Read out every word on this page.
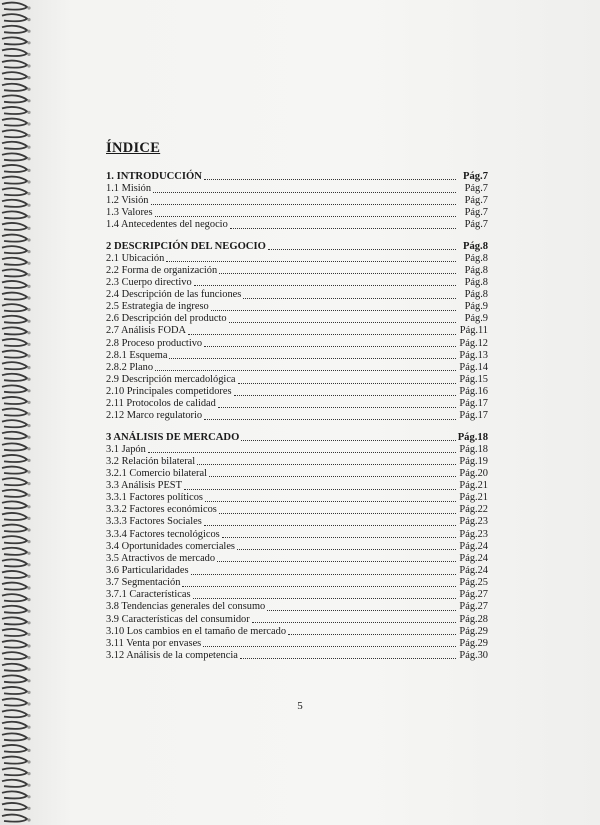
ÍNDICE
1. INTRODUCCIÓN	Pág.7
1.1 Misión	Pág.7
1.2 Visión	Pág.7
1.3 Valores	Pág.7
1.4 Antecedentes del negocio	Pág.7
2 DESCRIPCIÓN DEL NEGOCIO	Pág.8
2.1 Ubicación	Pág.8
2.2 Forma de organización	Pág.8
2.3 Cuerpo directivo	Pág.8
2.4 Descripción de las funciones	Pág.8
2.5 Estrategia de ingreso	Pág.9
2.6 Descripción del producto	Pág.9
2.7 Análisis FODA	Pág.11
2.8 Proceso productivo	Pág.12
2.8.1 Esquema	Pág.13
2.8.2 Plano	Pág.14
2.9 Descripción mercadológica	Pág.15
2.10 Principales competidores	Pág.16
2.11 Protocolos de calidad	Pág.17
2.12 Marco regulatorio	Pág.17
3 ANÁLISIS DE MERCADO	Pág.18
3.1 Japón	Pág.18
3.2 Relación bilateral	Pág.19
3.2.1 Comercio bilateral	Pág.20
3.3 Análisis PEST	Pág.21
3.3.1 Factores políticos	Pág.21
3.3.2 Factores económicos	Pág.22
3.3.3 Factores Sociales	Pág.23
3.3.4 Factores tecnológicos	Pág.23
3.4 Oportunidades comerciales	Pág.24
3.5 Atractivos de mercado	Pág.24
3.6 Particularidades	Pág.24
3.7 Segmentación	Pág.25
3.7.1 Características	Pág.27
3.8 Tendencias generales del consumo	Pág.27
3.9 Características del consumidor	Pág.28
3.10 Los cambios en el tamaño de mercado	Pág.29
3.11 Venta por envases	Pág.29
3.12 Análisis de la competencia	Pág.30
5
